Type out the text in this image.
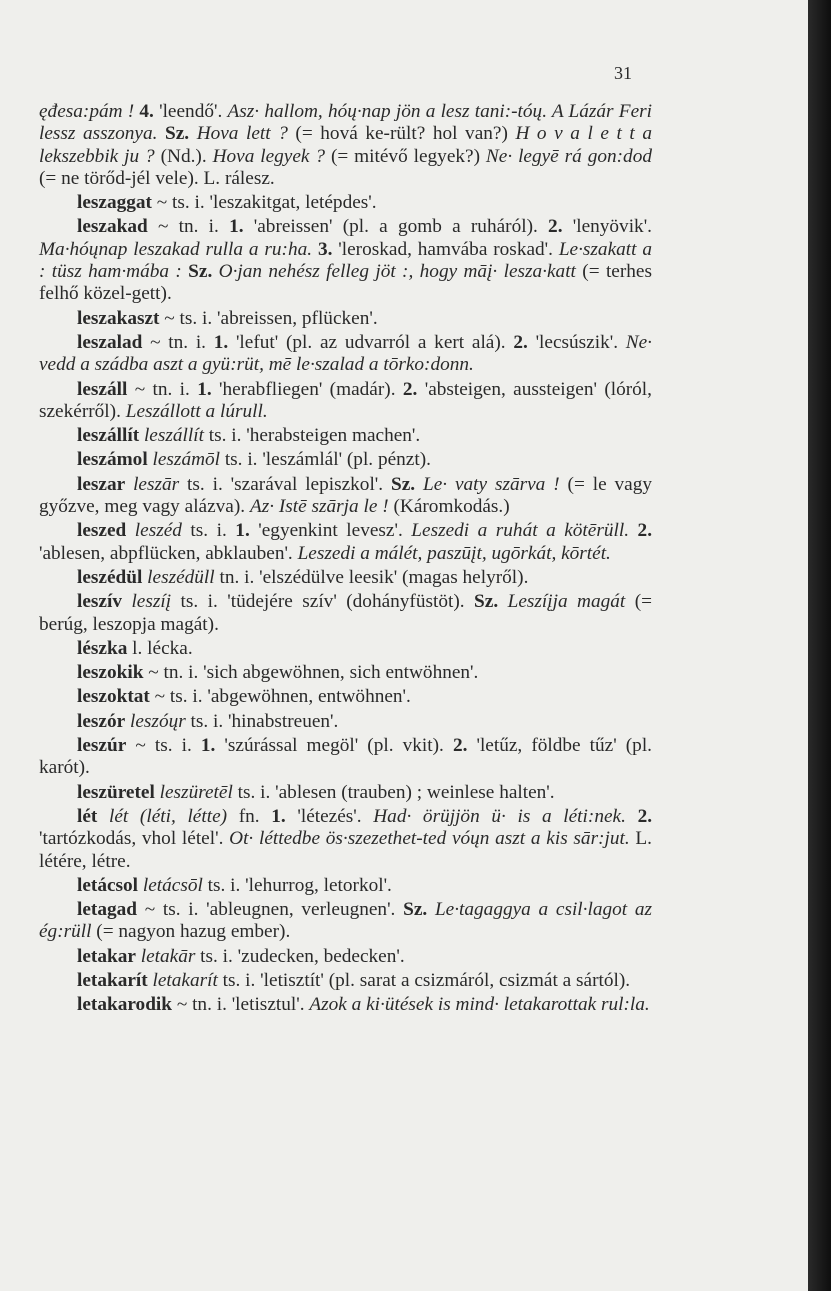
31

ęđesa:pám ! 4. 'leendő'. Asz· hallom, hóų·nap jön a lesz tani:-tóų. A Lázár Feri lessz asszonya. Sz. Hova lett ? (= hová ke-rült? hol van?) H o v a l e t t a lekszebbik ju ? (Nd.). Hova legyek ? (= mitévő legyek?) Ne· legyē rá gon:dod (= ne törőd-jél vele). L. rálesz.

leszaggat ~ ts. i. 'leszakitgat, letépdes'.

leszakad ~ tn. i. 1. 'abreissen' (pl. a gomb a ruháról). 2. 'lenyövik'. Ma·hóųnap leszakad rulla a ru:ha. 3. 'leroskad, hamvába roskad'. Le·szakatt a : tüsz ham·mába : Sz. O·jan nehész felleg jöt :, hogy māį· lesza·katt (= terhes felhő közel-gett).

leszakaszt ~ ts. i. 'abreissen, pflücken'.

leszalad ~ tn. i. 1. 'lefut' (pl. az udvarról a kert alá). 2. 'lecsúszik'. Ne· vedd a szádba aszt a gyü:rüt, mē le·szalad a tōrko:donn.

leszáll ~ tn. i. 1. 'herabfliegen' (madár). 2. 'absteigen, aussteigen' (lóról, szekérről). Leszállott a lúrull.

leszállít leszállít ts. i. 'herabsteigen machen'.

leszámol leszámōl ts. i. 'leszámlál' (pl. pénzt).

leszar leszār ts. i. 'szarával lepiszkol'. Sz. Le· vaty szārva ! (= le vagy győzve, meg vagy alázva). Az· Istē szārja le ! (Káromkodás.)

leszed leszéd ts. i. 1. 'egyenkint levesz'. Leszedi a ruhát a kötērüll. 2. 'ablesen, abpflücken, abklauben'. Leszedi a málét, paszūįt, ugōrkát, kōrtét.

leszédül leszédüll tn. i. 'elszédülve leesik' (magas helyről).

leszív leszíį ts. i. 'tüdejére szív' (dohányfüstöt). Sz. Leszíįja magát (= berúg, leszopja magát).

lészka l. lécka.

leszokik ~ tn. i. 'sich abgewöhnen, sich entwöhnen'.

leszoktat ~ ts. i. 'abgewöhnen, entwöhnen'.

leszór leszóųr ts. i. 'hinabstreuen'.

leszúr ~ ts. i. 1. 'szúrással megöl' (pl. vkit). 2. 'letűz, földbe tűz' (pl. karót).

leszüretel leszüretēl ts. i. 'ablesen (trauben) ; weinlese halten'.

lét lét (léti, létte) fn. 1. 'létezés'. Had· örüjjön ü· is a léti:nek. 2. 'tartózkodás, vhol létel'. Ot· léttedbe ös·szezethet-ted vóųn aszt a kis sār:jut. L. létére, létre.

letácsol letácsōl ts. i. 'lehurrog, letorkol'.

letagad ~ ts. i. 'ableugnen, verleugnen'. Sz. Le·tagaggya a csil·lagot az ég:rüll (= nagyon hazug ember).

letakar letakār ts. i. 'zudecken, bedecken'.

letakarít letakarít ts. i. 'letisztít' (pl. sarat a csizmáról, csizmát a sártól).

letakarodik ~ tn. i. 'letisztul'. Azok a ki·ütések is mind· letakarottak rul:la.
